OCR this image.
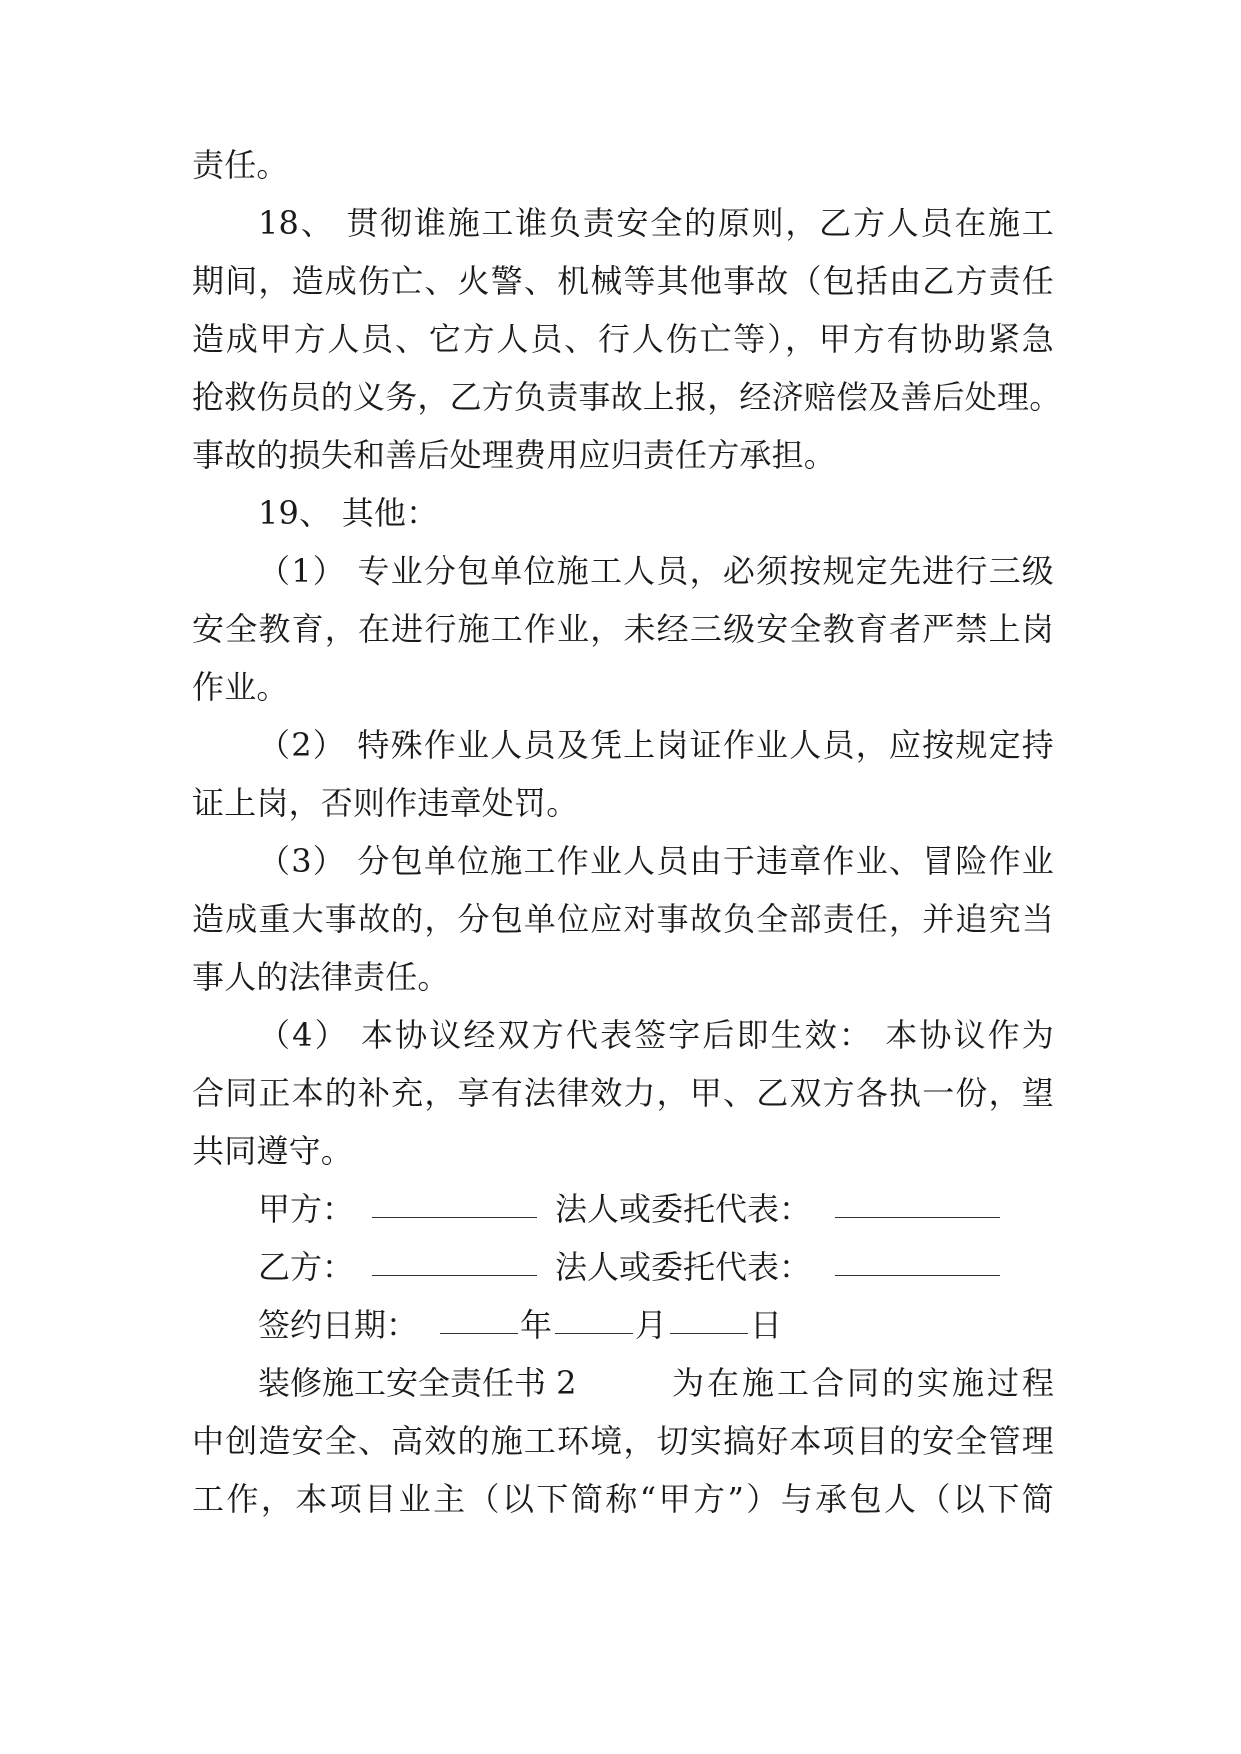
责任。
18、 贯彻谁施工谁负责安全的原则，乙方人员在施工
期间，造成伤亡、火警、机械等其他事故（包括由乙方责任
造成甲方人员、它方人员、行人伤亡等），甲方有协助紧急
抢救伤员的义务，乙方负责事故上报，经济赔偿及善后处理。
事故的损失和善后处理费用应归责任方承担。
19、 其他：
（1） 专业分包单位施工人员，必须按规定先进行三级
安全教育，在进行施工作业，未经三级安全教育者严禁上岗
作业。
（2） 特殊作业人员及凭上岗证作业人员，应按规定持
证上岗，否则作违章处罚。
（3） 分包单位施工作业人员由于违章作业、冒险作业
造成重大事故的，分包单位应对事故负全部责任，并追究当
事人的法律责任。
（4） 本协议经双方代表签字后即生效： 本协议作为
合同正本的补充，享有法律效力，甲、乙双方各执一份，望
共同遵守。
甲方：	法人或委托代表：
乙方：	法人或委托代表：
签约日期：	年	月	日
装修施工安全责任书 2	为在施工合同的实施过程
中创造安全、高效的施工环境，切实搞好本项目的安全管理
工作，本项目业主（以下简称“甲方”）与承包人（以下简
